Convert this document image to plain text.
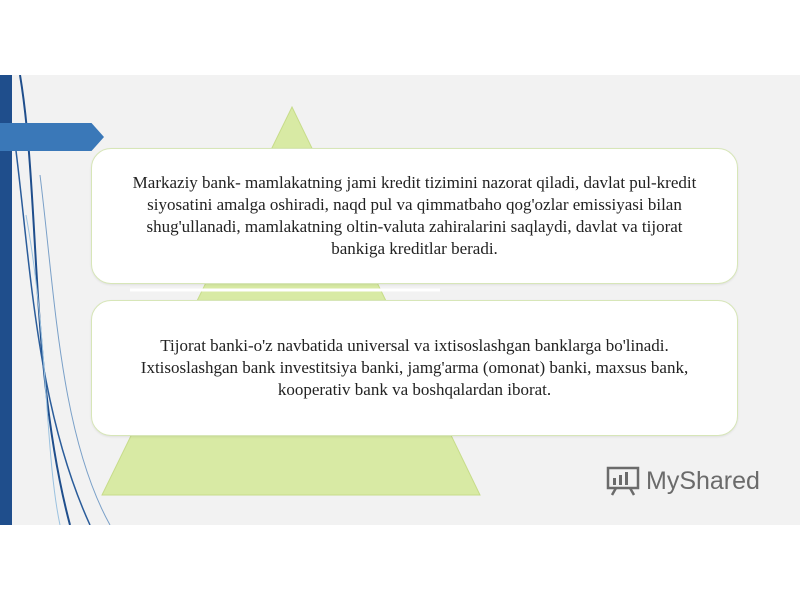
Markaziy bank- mamlakatning jami kredit tizimini nazorat qiladi, davlat pul-kredit siyosatini amalga oshiradi, naqd pul va qimmatbaho qog'ozlar emissiyasi bilan shug'ullanadi, mamlakatning oltin-valuta zahiralarini saqlaydi, davlat va tijorat bankiga kreditlar beradi.
Tijorat banki-o'z navbatida universal va ixtisoslashgan banklarga bo'linadi. Ixtisoslashgan bank investitsiya banki, jamg'arma (omonat) banki, maxsus bank, kooperativ bank va boshqalardan iborat.
MyShared
